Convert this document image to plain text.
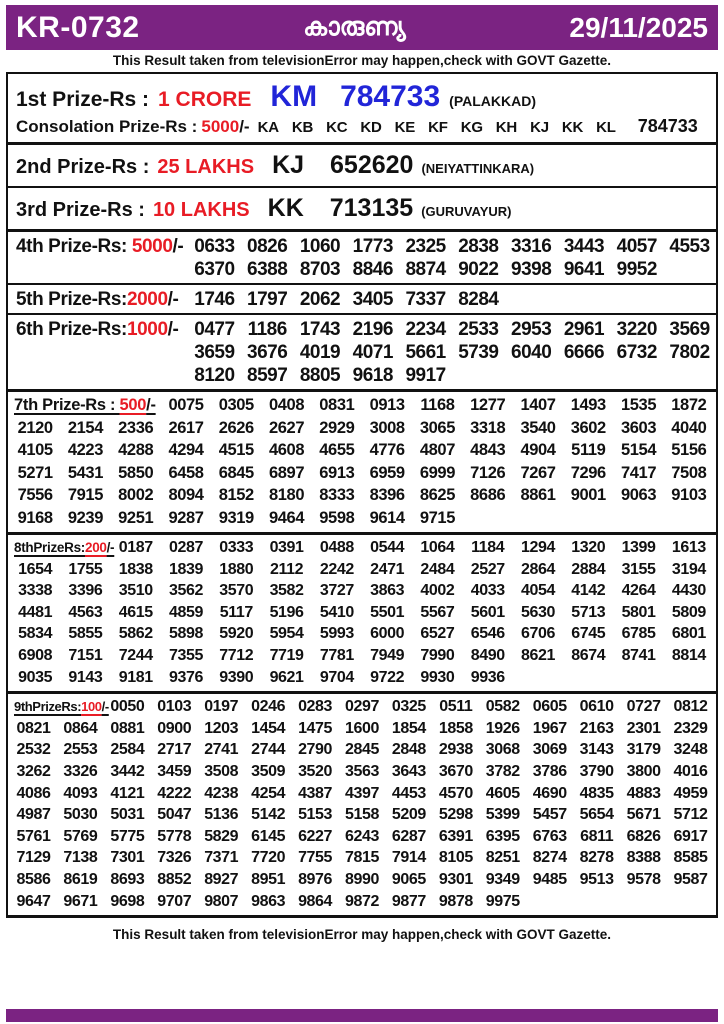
KR-0732	കാരുണ്യ	29/11/2025
This Result taken from televisionError may happen,check with GOVT Gazette.
1st Prize-Rs : 1 CRORE KM 784733 (PALAKKAD)
Consolation Prize-Rs : 5000 /- KA KB KC KD KE KF KG KH KJ KK KL 784733
2nd Prize-Rs : 25 LAKHS KJ 652620 (NEIYATTINKARA)
3rd Prize-Rs : 10 LAKHS KK 713135 (GURUVAYUR)
4th Prize-Rs: 5000/- 0633 0826 1060 1773 2325 2838 3316 3443 4057 4553
6370 6388 8703 8846 8874 9022 9398 9641 9952
5th Prize-Rs:2000/- 1746 1797 2062 3405 7337 8284
6th Prize-Rs:1000/- 0477 1186 1743 2196 2234 2533 2953 2961 3220 3569
3659 3676 4019 4071 5661 5739 6040 6666 6732 7802
8120 8597 8805 9618 9917
7th Prize-Rs : 500/- 0075 0305 0408 0831 0913 1168 1277 1407 1493 1535 1872
2120 2154 2336 2617 2626 2627 2929 3008 3065 3318 3540 3602 3603 4040
4105 4223 4288 4294 4515 4608 4655 4776 4807 4843 4904 5119 5154 5156
5271 5431 5850 6458 6845 6897 6913 6959 6999 7126 7267 7296 7417 7508
7556 7915 8002 8094 8152 8180 8333 8396 8625 8686 8861 9001 9063 9103
9168 9239 9251 9287 9319 9464 9598 9614 9715
8thPrizeRs:200/- 0187	0287	0333	0391	0488	0544	1064	1184	1294	1320	1399	1613
1654	1755	1838	1839	1880	2112	2242	2471	2484	2527	2864	2884	3155	3194
3338	3396	3510	3562	3570	3582	3727	3863	4002	4033	4054	4142	4264	4430
4481	4563	4615	4859	5117	5196	5410	5501	5567	5601	5630	5713	5801	5809
5834	5855	5862	5898	5920	5954	5993	6000	6527	6546	6706	6745	6785	6801
6908	7151	7244	7355	7712	7719	7781	7949	7990	8490	8621	8674	8741	8814
9035	9143	9181	9376	9390	9621	9704	9722	9930	9936
9thPrizeRs:100/- 0050 0103 0197 0246 0283 0297 0325 0511 0582 0605 0610 0727 0812
0821 0864 0881 0900 1203 1454 1475 1600 1854 1858 1926 1967 2163 2301 2329
2532 2553 2584 2717 2741 2744 2790 2845 2848 2938 3068 3069 3143 3179 3248
3262 3326 3442 3459 3508 3509 3520 3563 3643 3670 3782 3786 3790 3800 4016
4086 4093 4121 4222 4238 4254 4387 4397 4453 4570 4605 4690 4835 4883 4959
4987 5030 5031 5047 5136 5142 5153 5158 5209 5298 5399 5457 5654 5671 5712
5761 5769 5775 5778 5829 6145 6227 6243 6287 6391 6395 6763 6811 6826 6917
7129 7138 7301 7326 7371 7720 7755 7815 7914 8105 8251 8274 8278 8388 8585
8586 8619 8693 8852 8927 8951 8976 8990 9065 9301 9349 9485 9513 9578 9587
9647 9671 9698 9707 9807 9863 9864 9872 9877 9878 9975
This Result taken from televisionError may happen,check with GOVT Gazette.
